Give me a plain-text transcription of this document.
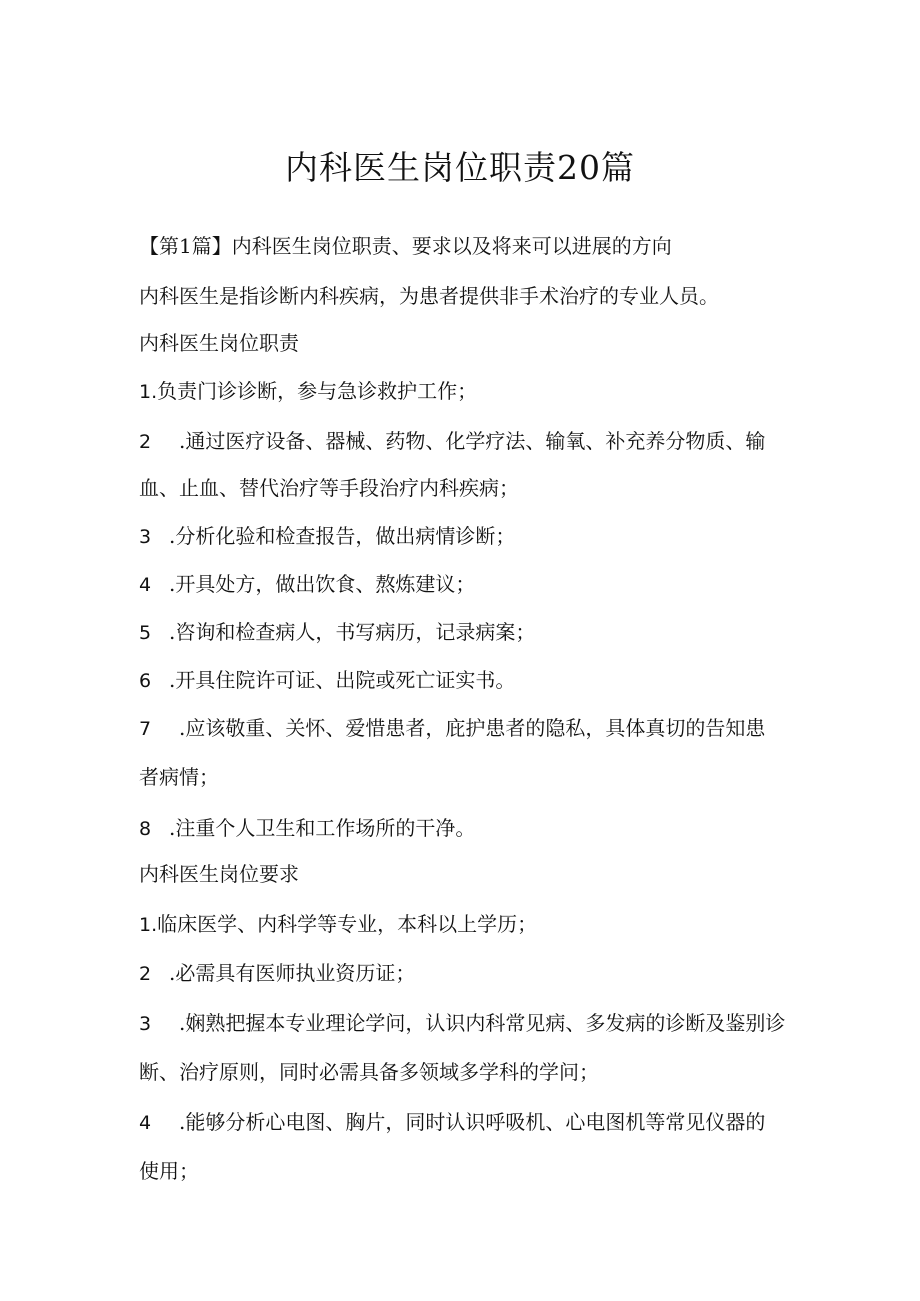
内科医生岗位职责20篇

【第1篇】内科医生岗位职责、要求以及将来可以进展的方向

内科医生是指诊断内科疾病，为患者提供非手术治疗的专业人员。

内科医生岗位职责

1.负责门诊诊断，参与急诊救护工作；

2 .通过医疗设备、器械、药物、化学疗法、输氧、补充养分物质、输

血、止血、替代治疗等手段治疗内科疾病；

3 .分析化验和检查报告，做出病情诊断；

4 .开具处方，做出饮食、熬炼建议；

5 .咨询和检查病人，书写病历，记录病案；

6 .开具住院许可证、出院或死亡证实书。

7 .应该敬重、关怀、爱惜患者，庇护患者的隐私，具体真切的告知患

者病情；

8 .注重个人卫生和工作场所的干净。

内科医生岗位要求

1.临床医学、内科学等专业，本科以上学历；

2 .必需具有医师执业资历证；

3 .娴熟把握本专业理论学问，认识内科常见病、多发病的诊断及鉴别诊

断、治疗原则，同时必需具备多领域多学科的学问；

4 .能够分析心电图、胸片，同时认识呼吸机、心电图机等常见仪器的

使用；
